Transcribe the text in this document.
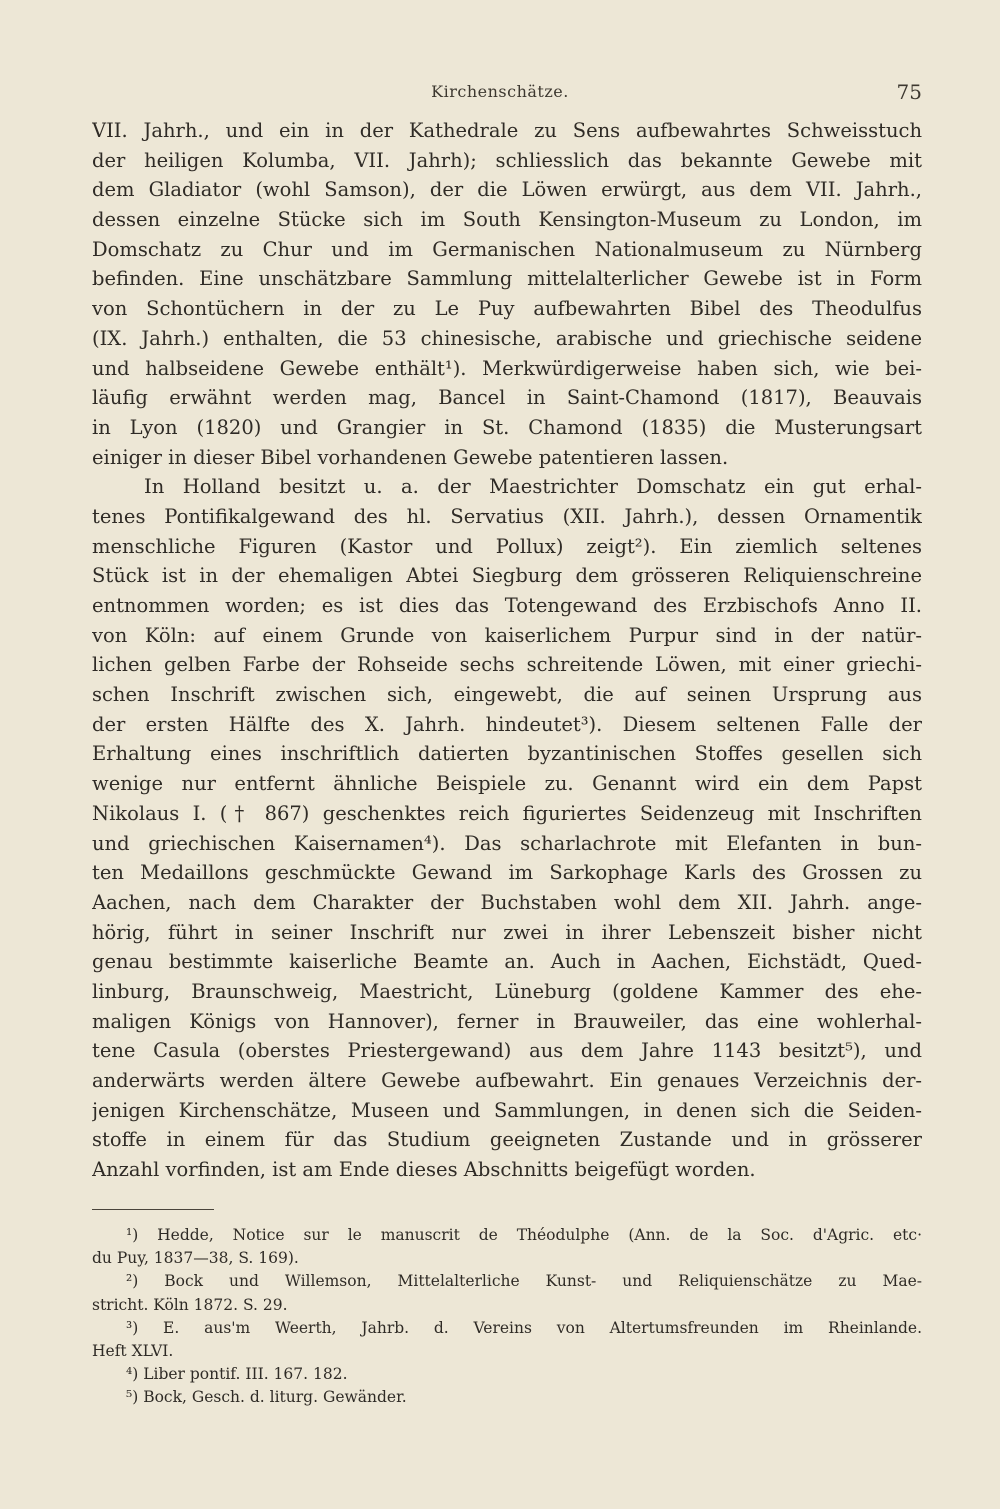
Kirchenschätze.	75
VII. Jahrh., und ein in der Kathedrale zu Sens aufbewahrtes Schweisstuch
der heiligen Kolumba, VII. Jahrh); schliesslich das bekannte Gewebe mit
dem Gladiator (wohl Samson), der die Löwen erwürgt, aus dem VII. Jahrh.,
dessen einzelne Stücke sich im South Kensington-Museum zu London, im
Domschatz zu Chur und im Germanischen Nationalmuseum zu Nürnberg
befinden. Eine unschätzbare Sammlung mittelalterlicher Gewebe ist in Form
von Schontüchern in der zu Le Puy aufbewahrten Bibel des Theodulfus
(IX. Jahrh.) enthalten, die 53 chinesische, arabische und griechische seidene
und halbseidene Gewebe enthält¹). Merkwürdigerweise haben sich, wie bei-
läufig erwähnt werden mag, Bancel in Saint-Chamond (1817), Beauvais
in Lyon (1820) und Grangier in St. Chamond (1835) die Musterungsart
einiger in dieser Bibel vorhandenen Gewebe patentieren lassen.
In Holland besitzt u. a. der Maestrichter Domschatz ein gut erhal-
tenes Pontifikalgewand des hl. Servatius (XII. Jahrh.), dessen Ornamentik
menschliche Figuren (Kastor und Pollux) zeigt²). Ein ziemlich seltenes
Stück ist in der ehemaligen Abtei Siegburg dem grösseren Reliquienschreine
entnommen worden; es ist dies das Totengewand des Erzbischofs Anno II.
von Köln: auf einem Grunde von kaiserlichem Purpur sind in der natür-
lichen gelben Farbe der Rohseide sechs schreitende Löwen, mit einer griechi-
schen Inschrift zwischen sich, eingewebt, die auf seinen Ursprung aus
der ersten Hälfte des X. Jahrh. hindeutet³). Diesem seltenen Falle der
Erhaltung eines inschriftlich datierten byzantinischen Stoffes gesellen sich
wenige nur entfernt ähnliche Beispiele zu. Genannt wird ein dem Papst
Nikolaus I. († 867) geschenktes reich figuriertes Seidenzeug mit Inschriften
und griechischen Kaisernamen⁴). Das scharlachrote mit Elefanten in bun-
ten Medaillons geschmückte Gewand im Sarkophage Karls des Grossen zu
Aachen, nach dem Charakter der Buchstaben wohl dem XII. Jahrh. ange-
hörig, führt in seiner Inschrift nur zwei in ihrer Lebenszeit bisher nicht
genau bestimmte kaiserliche Beamte an. Auch in Aachen, Eichstädt, Qued-
linburg, Braunschweig, Maestricht, Lüneburg (goldene Kammer des ehe-
maligen Königs von Hannover), ferner in Brauweiler, das eine wohlerhal-
tene Casula (oberstes Priestergewand) aus dem Jahre 1143 besitzt⁵), und
anderwärts werden ältere Gewebe aufbewahrt. Ein genaues Verzeichnis der-
jenigen Kirchenschätze, Museen und Sammlungen, in denen sich die Seiden-
stoffe in einem für das Studium geeigneten Zustande und in grösserer
Anzahl vorfinden, ist am Ende dieses Abschnitts beigefügt worden.
¹) Hedde, Notice sur le manuscrit de Théodulphe (Ann. de la Soc. d'Agric. etc·
du Puy, 1837—38, S. 169).
²) Bock und Willemson, Mittelalterliche Kunst- und Reliquienschätze zu Mae-
stricht. Köln 1872. S. 29.
³) E. aus'm Weerth, Jahrb. d. Vereins von Altertumsfreunden im Rheinlande.
Heft XLVI.
⁴) Liber pontif. III. 167. 182.
⁵) Bock, Gesch. d. liturg. Gewänder.
